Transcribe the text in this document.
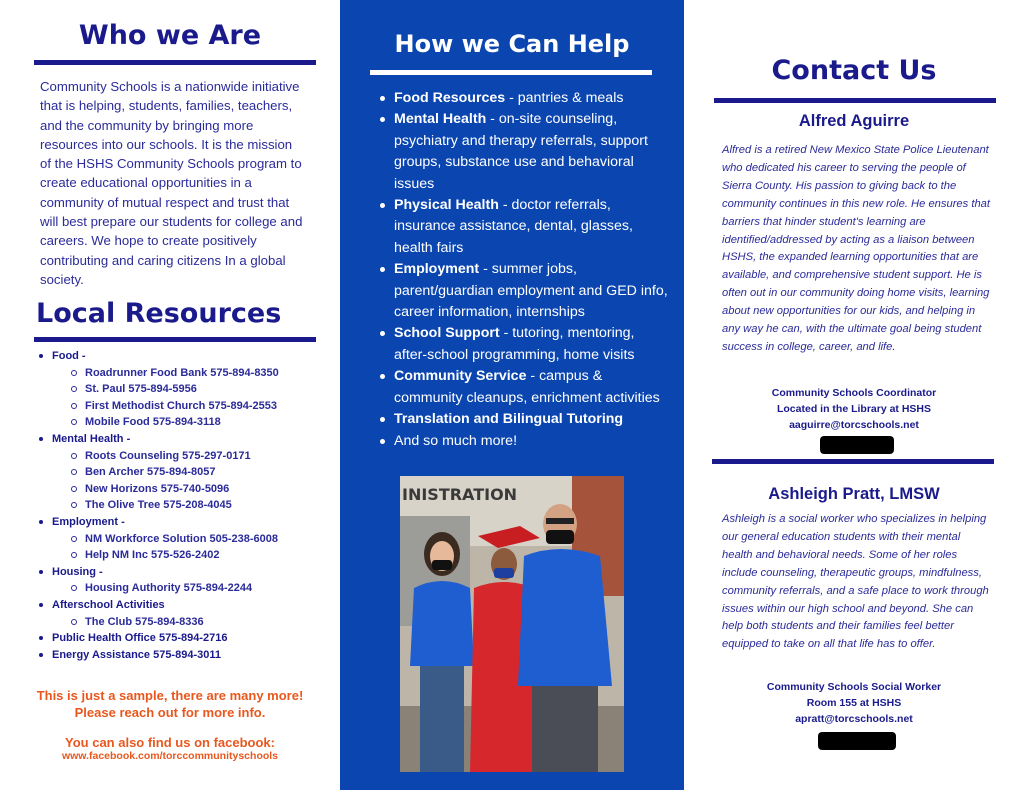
Who we Are
Community Schools is a nationwide initiative that is helping, students, families, teachers, and the community by bringing more resources into our schools. It is the mission of the HSHS Community Schools program to create educational opportunities in a community of mutual respect and trust that will best prepare our students for college and careers. We hope to create positively contributing and caring citizens In a global society.
Local Resources
Food -
Roadrunner Food Bank 575-894-8350
St. Paul 575-894-5956
First Methodist Church 575-894-2553
Mobile Food 575-894-3118
Mental Health -
Roots Counseling 575-297-0171
Ben Archer 575-894-8057
New Horizons 575-740-5096
The Olive Tree 575-208-4045
Employment -
NM Workforce Solution 505-238-6008
Help NM Inc 575-526-2402
Housing -
Housing Authority 575-894-2244
Afterschool Activities
The Club 575-894-8336
Public Health Office 575-894-2716
Energy Assistance 575-894-3011
This is just a sample, there are many more! Please reach out for more info.
You can also find us on facebook:
www.facebook.com/torccommunityschools
How we Can Help
Food Resources - pantries & meals
Mental Health - on-site counseling, psychiatry and therapy referrals, support groups, substance use and behavioral issues
Physical Health - doctor referrals, insurance assistance, dental, glasses, health fairs
Employment - summer jobs, parent/guardian employment and GED info, career information, internships
School Support - tutoring, mentoring, after-school programming, home visits
Community Service - campus & community cleanups, enrichment activities
Translation and Bilingual Tutoring
And so much more!
INISTRATION
Contact Us
Alfred Aguirre
Alfred is a retired New Mexico State Police Lieutenant who dedicated his career to serving the people of Sierra County. His passion to giving back to the community continues in this new role. He ensures that barriers that hinder student's learning are identified/addressed by acting as a liaison between HSHS, the expanded learning opportunities that are available, and comprehensive student support. He is often out in our community doing home visits, learning about new opportunities for our kids, and helping in any way he can, with the ultimate goal being student success in college, career, and life.
Community Schools Coordinator
Located in the Library at HSHS
aaguirre@torcschools.net
Ashleigh Pratt, LMSW
Ashleigh is a social worker who specializes in helping our general education students with their mental health and behavioral needs. Some of her roles include counseling, therapeutic groups, mindfulness, community referrals, and a safe place to work through issues within our high school and beyond. She can help both students and their families feel better equipped to take on all that life has to offer.
Community Schools Social Worker
Room 155 at HSHS
apratt@torcschools.net
